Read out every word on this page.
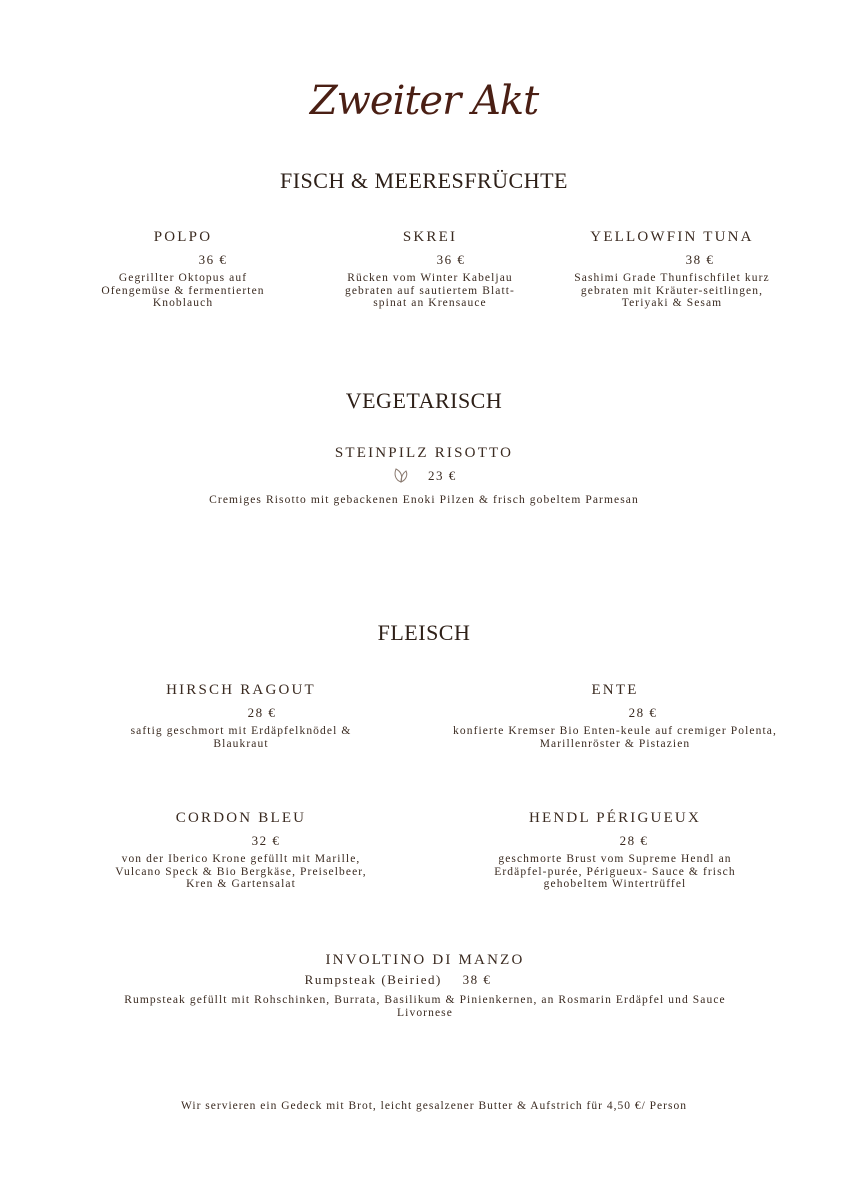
Zweiter Akt
FISCH & MEERESFRÜCHTE
POLPO
36 €
Gegrillter Oktopus auf Ofengemüse & fermentierten Knoblauch
SKREI
36 €
Rücken vom Winter Kabeljau gebraten auf sautiertem Blatt-spinat an Krensauce
YELLOWFIN TUNA
38 €
Sashimi Grade Thunfischfilet kurz gebraten mit Kräuter-seitlingen, Teriyaki & Sesam
VEGETARISCH
STEINPILZ RISOTTO
23 €
Cremiges Risotto mit gebackenen Enoki Pilzen & frisch gobeltem Parmesan
FLEISCH
HIRSCH RAGOUT
28 €
saftig geschmort mit Erdäpfelknödel & Blaukraut
ENTE
28 €
konfierte Kremser Bio Enten-keule auf cremiger Polenta, Marillenröster & Pistazien
CORDON BLEU
32 €
von der Iberico Krone gefüllt mit Marille, Vulcano Speck & Bio Bergkäse, Preiselbeer, Kren & Gartensalat
HENDL PÉRIGUEUX
28 €
geschmorte Brust vom Supreme Hendl an Erdäpfel-purée, Périgueux- Sauce & frisch gehobeltem Wintertrüffel
INVOLTINO DI MANZO
Rumpsteak (Beiried) 38 €
Rumpsteak gefüllt mit Rohschinken, Burrata, Basilikum & Pinienkernen, an Rosmarin Erdäpfel und Sauce Livornese
Wir servieren ein Gedeck mit Brot, leicht gesalzener Butter & Aufstrich für 4,50 €/ Person
